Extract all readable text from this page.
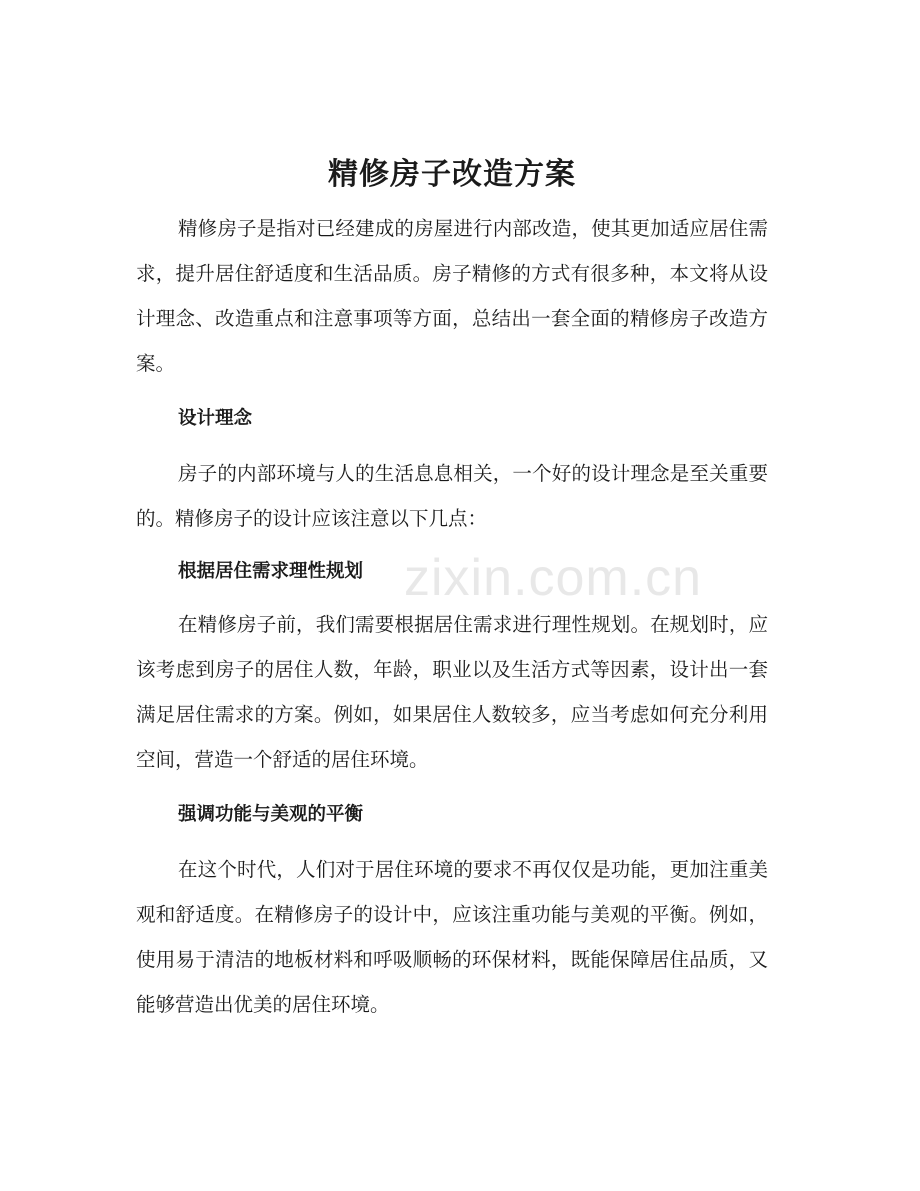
精修房子改造方案

精修房子是指对已经建成的房屋进行内部改造，使其更加适应居住需求，提升居住舒适度和生活品质。房子精修的方式有很多种，本文将从设计理念、改造重点和注意事项等方面，总结出一套全面的精修房子改造方案。

设计理念

房子的内部环境与人的生活息息相关，一个好的设计理念是至关重要的。精修房子的设计应该注意以下几点：

根据居住需求理性规划

在精修房子前，我们需要根据居住需求进行理性规划。在规划时，应该考虑到房子的居住人数，年龄，职业以及生活方式等因素，设计出一套满足居住需求的方案。例如，如果居住人数较多，应当考虑如何充分利用空间，营造一个舒适的居住环境。

强调功能与美观的平衡

在这个时代，人们对于居住环境的要求不再仅仅是功能，更加注重美观和舒适度。在精修房子的设计中，应该注重功能与美观的平衡。例如，使用易于清洁的地板材料和呼吸顺畅的环保材料，既能保障居住品质，又能够营造出优美的居住环境。

zixin.com.cn
